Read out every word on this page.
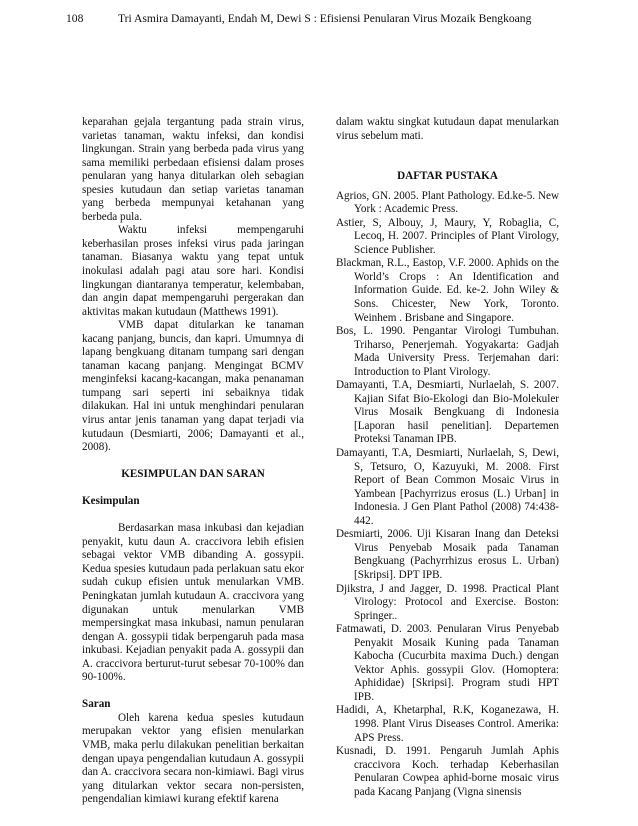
108	Tri Asmira Damayanti, Endah M, Dewi S : Efisiensi Penularan Virus Mozaik Bengkoang

keparahan gejala tergantung pada strain virus, varietas tanaman, waktu infeksi, dan kondisi lingkungan. Strain yang berbeda pada virus yang sama memiliki perbedaan efisiensi dalam proses penularan yang hanya ditularkan oleh sebagian spesies kutudaun dan setiap varietas tanaman yang berbeda mempunyai ketahanan yang berbeda pula.

Waktu infeksi mempengaruhi keberhasilan proses infeksi virus pada jaringan tanaman. Biasanya waktu yang tepat untuk inokulasi adalah pagi atau sore hari. Kondisi lingkungan diantaranya temperatur, kelembaban, dan angin dapat mempengaruhi pergerakan dan aktivitas makan kutudaun (Matthews 1991).

VMB dapat ditularkan ke tanaman kacang panjang, buncis, dan kapri. Umumnya di lapang bengkuang ditanam tumpang sari dengan tanaman kacang panjang. Mengingat BCMV menginfeksi kacang-kacangan, maka penanaman tumpang sari seperti ini sebaiknya tidak dilakukan. Hal ini untuk menghindari penularan virus antar jenis tanaman yang dapat terjadi via kutudaun (Desmiarti, 2006; Damayanti et al., 2008).

KESIMPULAN DAN SARAN

Kesimpulan

Berdasarkan masa inkubasi dan kejadian penyakit, kutu daun A. craccivora lebih efisien sebagai vektor VMB dibanding A. gossypii. Kedua spesies kutudaun pada perlakuan satu ekor sudah cukup efisien untuk menularkan VMB. Peningkatan jumlah kutudaun A. craccivora yang digunakan untuk menularkan VMB mempersingkat masa inkubasi, namun penularan dengan A. gossypii tidak berpengaruh pada masa inkubasi. Kejadian penyakit pada A. gossypii dan A. craccivora berturut-turut sebesar 70-100% dan 90-100%.

Saran

Oleh karena kedua spesies kutudaun merupakan vektor yang efisien menularkan VMB, maka perlu dilakukan penelitian berkaitan dengan upaya pengendalian kutudaun A. gossypii dan A. craccivora secara non-kimiawi. Bagi virus yang ditularkan vektor secara non-persisten, pengendalian kimiawi kurang efektif karena

dalam waktu singkat kutudaun dapat menularkan virus sebelum mati.

DAFTAR PUSTAKA

Agrios, GN. 2005. Plant Pathology. Ed.ke-5. New York : Academic Press.

Astier, S, Albouy, J, Maury, Y, Robaglia, C, Lecoq, H. 2007. Principles of Plant Virology, Science Publisher.

Blackman, R.L., Eastop, V.F. 2000. Aphids on the World’s Crops : An Identification and Information Guide. Ed. ke-2. John Wiley & Sons. Chicester, New York, Toronto. Weinhem . Brisbane and Singapore.

Bos, L. 1990. Pengantar Virologi Tumbuhan. Triharso, Penerjemah. Yogyakarta: Gadjah Mada University Press. Terjemahan dari: Introduction to Plant Virology.

Damayanti, T.A, Desmiarti, Nurlaelah, S. 2007. Kajian Sifat Bio-Ekologi dan Bio-Molekuler Virus Mosaik Bengkuang di Indonesia [Laporan hasil penelitian]. Departemen Proteksi Tanaman IPB.

Damayanti, T.A, Desmiarti, Nurlaelah, S, Dewi, S, Tetsuro, O, Kazuyuki, M. 2008. First Report of Bean Common Mosaic Virus in Yambean [Pachyrrizus erosus (L.) Urban] in Indonesia. J Gen Plant Pathol (2008) 74:438-442.

Desmiarti, 2006. Uji Kisaran Inang dan Deteksi Virus Penyebab Mosaik pada Tanaman Bengkuang (Pachyrrhizus erosus L. Urban) [Skripsi]. DPT IPB.

Djikstra, J and Jagger, D. 1998. Practical Plant Virology: Protocol and Exercise. Boston: Springer..

Fatmawati, D. 2003. Penularan Virus Penyebab Penyakit Mosaik Kuning pada Tanaman Kabocha (Cucurbita maxima Duch.) dengan Vektor Aphis. gossypii Glov. (Homoptera: Aphididae) [Skripsi]. Program studi HPT IPB.

Hadidi, A, Khetarphal, R.K, Koganezawa, H. 1998. Plant Virus Diseases Control. Amerika: APS Press.

Kusnadi, D. 1991. Pengaruh Jumlah Aphis craccivora Koch. terhadap Keberhasilan Penularan Cowpea aphid-borne mosaic virus pada Kacang Panjang (Vigna sinensis
